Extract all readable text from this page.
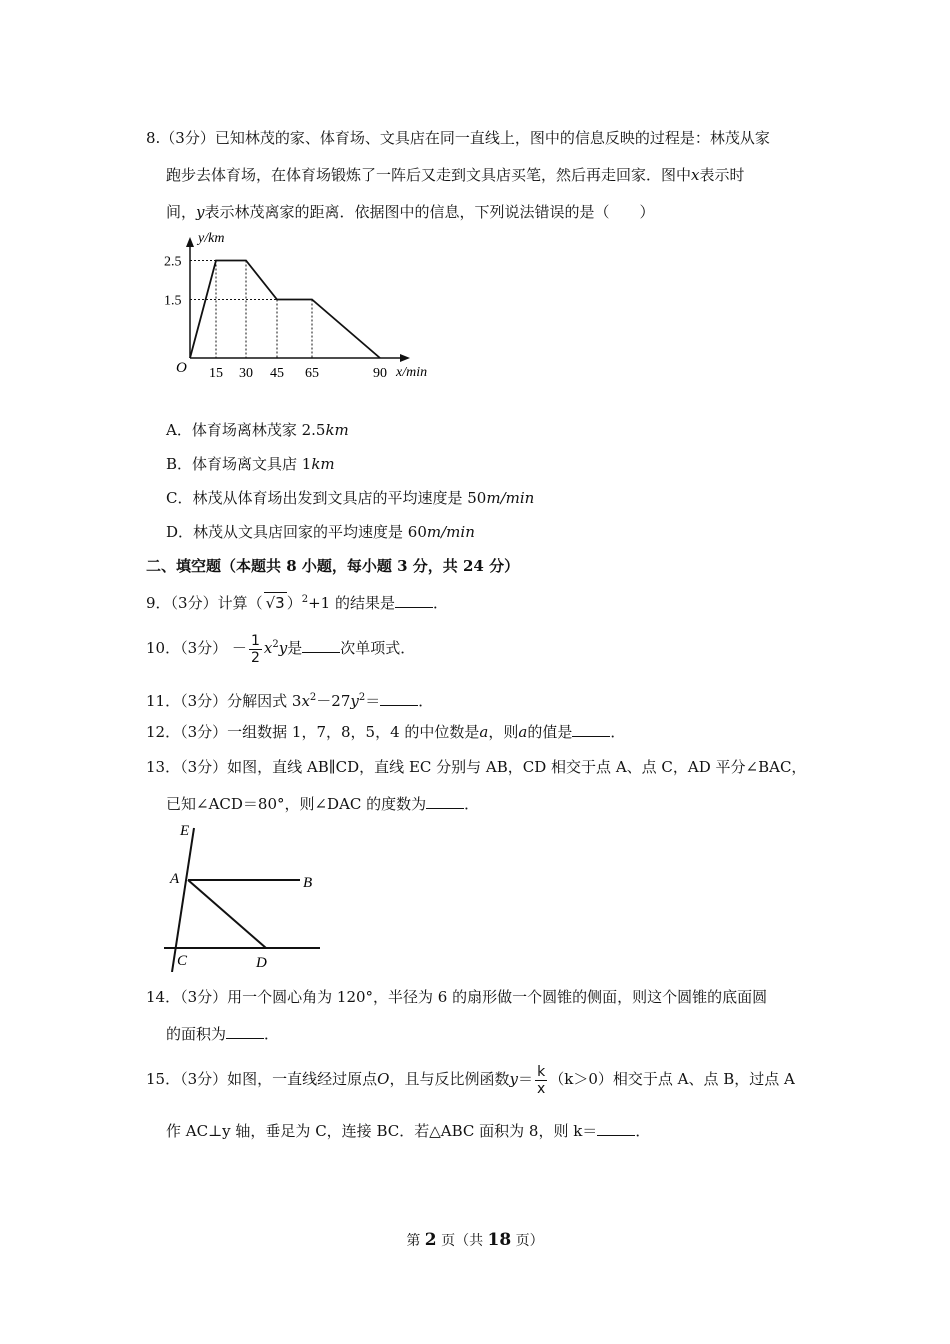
8.（3分）已知林茂的家、体育场、文具店在同一直线上，图中的信息反映的过程是：林茂从家
跑步去体育场，在体育场锻炼了一阵后又走到文具店买笔，然后再走回家．图中x表示时
间，y表示林茂离家的距离．依据图中的信息，下列说法错误的是（　　）
y/km
x/min
O
2.5
1.5
15 30 45 65	90
A．体育场离林茂家 2.5km
B．体育场离文具店 1km
C．林茂从体育场出发到文具店的平均速度是 50m/min
D．林茂从文具店回家的平均速度是 60m/min
二、填空题（本题共 8 小题，每小题 3 分，共 24 分）
9．（3分）计算（ √3 ）$^2$+1 的结果是	．
10．（3分） － $\frac{1}{2} x^2y$是	次单项式．
11．（3分）分解因式 $3x^2-27y^2=$	．
12．（3分）一组数据 1，7，8，5，4 的中位数是a，则a的值是	．
13．（3分）如图，直线 AB∥CD，直线 EC 分别与 AB，CD 相交于点 A、点 C，AD 平分∠BAC，
已知∠ACD＝80°，则∠DAC 的度数为	．
E
A	B
C	D
14．（3分）用一个圆心角为 120°，半径为 6 的扇形做一个圆锥的侧面，则这个圆锥的底面圆
的面积为	．
15．（3分）如图，一直线经过原点O，且与反比例函数$y= \frac{k}{x} (k>0)$相交于点 A、点 B，过点 A
作 AC⊥y 轴，垂足为 C，连接 BC．若△ABC 面积为 8，则 k＝	．
第 2 页（共 18 页）
